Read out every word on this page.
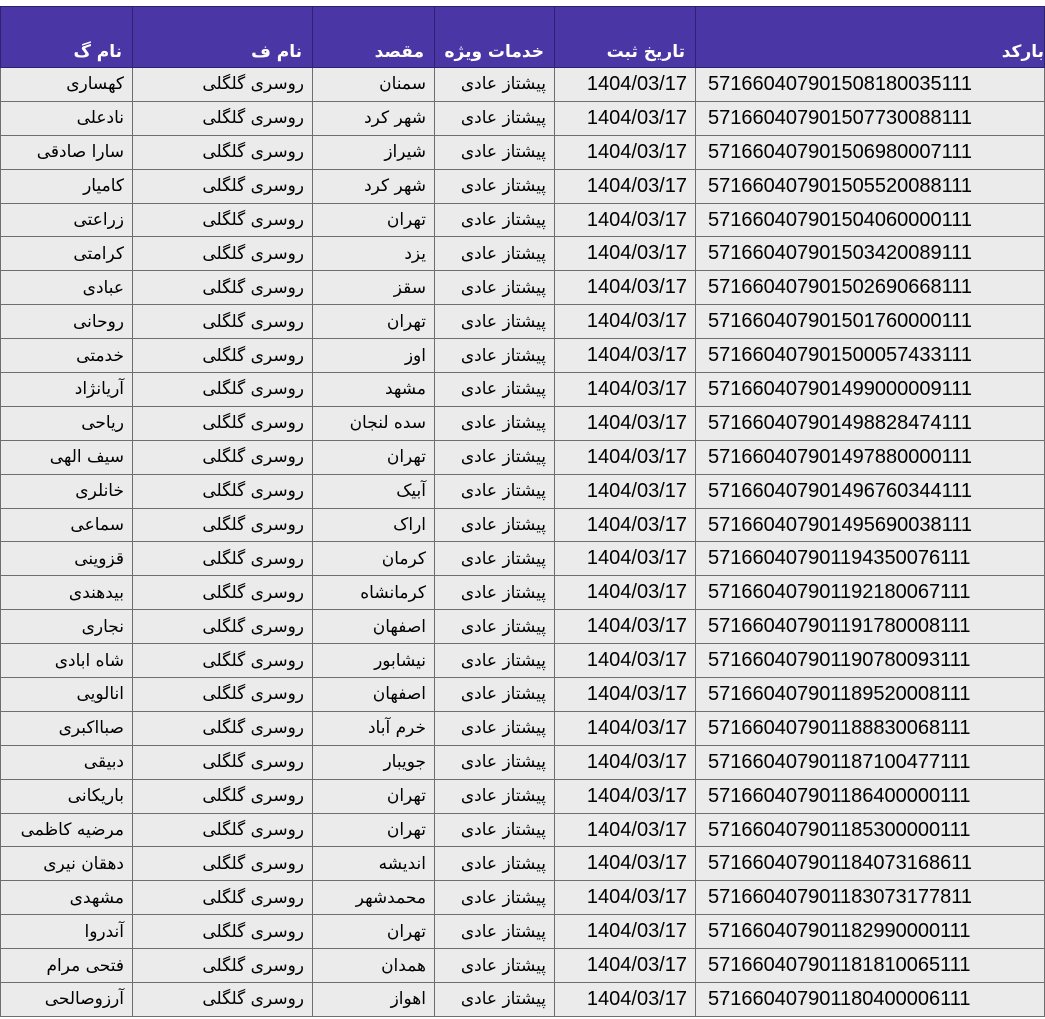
نام گ	نام ف	مقصد	خدمات ویژه	تاریخ ثبت	بارکد
کهساری	روسری گلگلی	سمنان	پیشتاز عادی	1404/03/17	571660407901508180035111
نادعلی	روسری گلگلی	شهر کرد	پیشتاز عادی	1404/03/17	571660407901507730088111
سارا صادقی	روسری گلگلی	شیراز	پیشتاز عادی	1404/03/17	571660407901506980007111
کامیار	روسری گلگلی	شهر کرد	پیشتاز عادی	1404/03/17	571660407901505520088111
زراعتی	روسری گلگلی	تهران	پیشتاز عادی	1404/03/17	571660407901504060000111
کرامتی	روسری گلگلی	یزد	پیشتاز عادی	1404/03/17	571660407901503420089111
عبادی	روسری گلگلی	سقز	پیشتاز عادی	1404/03/17	571660407901502690668111
روحانی	روسری گلگلی	تهران	پیشتاز عادی	1404/03/17	571660407901501760000111
خدمتی	روسری گلگلی	اوز	پیشتاز عادی	1404/03/17	571660407901500057433111
آریانژاد	روسری گلگلی	مشهد	پیشتاز عادی	1404/03/17	571660407901499000009111
ریاحی	روسری گلگلی	سده لنجان	پیشتاز عادی	1404/03/17	571660407901498828474111
سیف الهی	روسری گلگلی	تهران	پیشتاز عادی	1404/03/17	571660407901497880000111
خانلری	روسری گلگلی	آبیک	پیشتاز عادی	1404/03/17	571660407901496760344111
سماعی	روسری گلگلی	اراک	پیشتاز عادی	1404/03/17	571660407901495690038111
قزوینی	روسری گلگلی	کرمان	پیشتاز عادی	1404/03/17	571660407901194350076111
بیدهندی	روسری گلگلی	کرمانشاه	پیشتاز عادی	1404/03/17	571660407901192180067111
نجاری	روسری گلگلی	اصفهان	پیشتاز عادی	1404/03/17	571660407901191780008111
شاه ابادی	روسری گلگلی	نیشابور	پیشتاز عادی	1404/03/17	571660407901190780093111
انالویی	روسری گلگلی	اصفهان	پیشتاز عادی	1404/03/17	571660407901189520008111
صبااکبری	روسری گلگلی	خرم آباد	پیشتاز عادی	1404/03/17	571660407901188830068111
دبیقی	روسری گلگلی	جویبار	پیشتاز عادی	1404/03/17	571660407901187100477111
باریکانی	روسری گلگلی	تهران	پیشتاز عادی	1404/03/17	571660407901186400000111
مرضیه کاظمی	روسری گلگلی	تهران	پیشتاز عادی	1404/03/17	571660407901185300000111
دهقان نیری	روسری گلگلی	اندیشه	پیشتاز عادی	1404/03/17	571660407901184073168611
مشهدی	روسری گلگلی	محمدشهر	پیشتاز عادی	1404/03/17	571660407901183073177811
آندروا	روسری گلگلی	تهران	پیشتاز عادی	1404/03/17	571660407901182990000111
فتحی مرام	روسری گلگلی	همدان	پیشتاز عادی	1404/03/17	571660407901181810065111
آرزوصالحی	روسری گلگلی	اهواز	پیشتاز عادی	1404/03/17	571660407901180400006111
